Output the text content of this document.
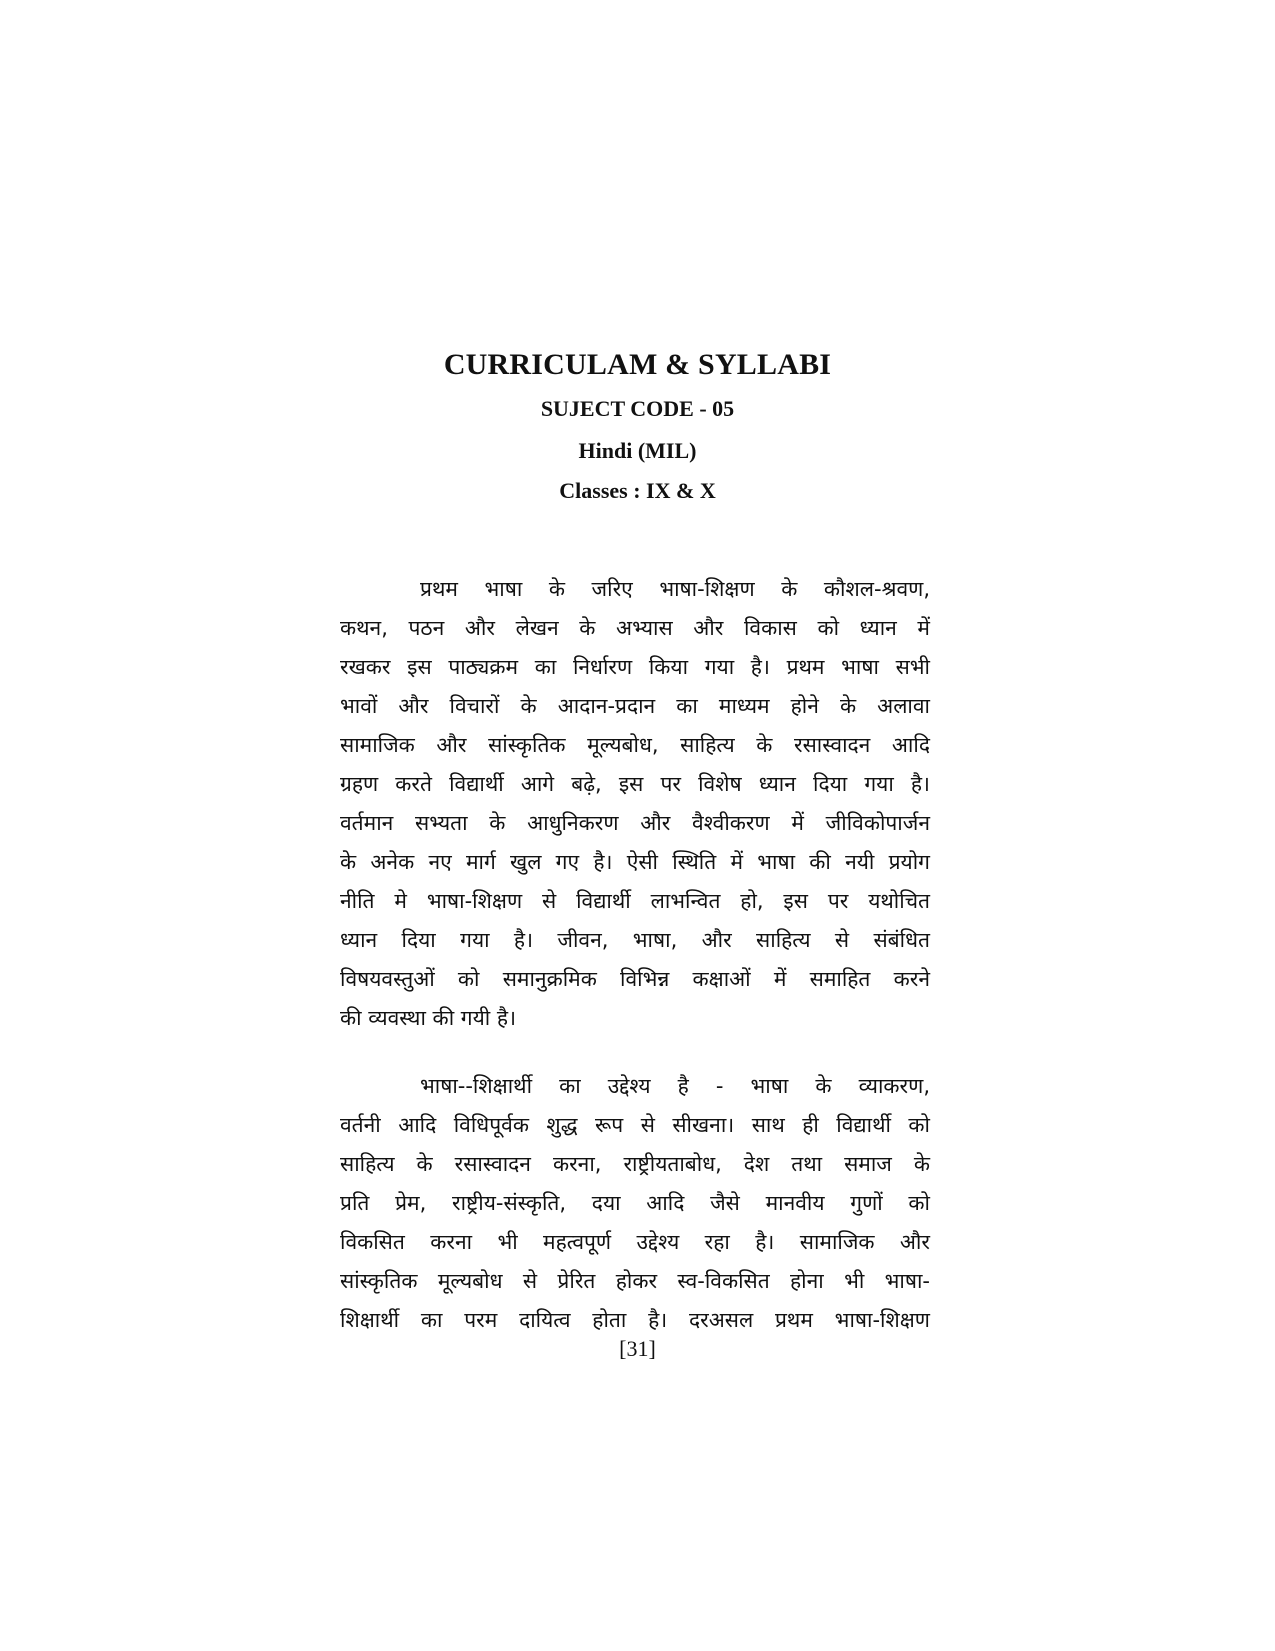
CURRICULAM & SYLLABI
SUJECT CODE - 05
Hindi (MIL)
Classes : IX & X
प्रथम भाषा के जरिए भाषा-शिक्षण के कौशल-श्रवण,
कथन, पठन और लेखन के अभ्यास और विकास को ध्यान में
रखकर इस पाठ्यक्रम का निर्धारण किया गया है। प्रथम भाषा सभी
भावों और विचारों के आदान-प्रदान का माध्यम होने के अलावा
सामाजिक और सांस्कृतिक मूल्यबोध, साहित्य के रसास्वादन आदि
ग्रहण करते विद्यार्थी आगे बढ़े, इस पर विशेष ध्यान दिया गया है।
वर्तमान सभ्यता के आधुनिकरण और वैश्वीकरण में जीविकोपार्जन
के अनेक नए मार्ग खुल गए है। ऐसी स्थिति में भाषा की नयी प्रयोग
नीति मे भाषा-शिक्षण से विद्यार्थी लाभन्वित हो, इस पर यथोचित
ध्यान दिया गया है। जीवन, भाषा, और साहित्य से संबंधित
विषयवस्तुओं को समानुक्रमिक विभिन्न कक्षाओं में समाहित करने
की व्यवस्था की गयी है।
भाषा--शिक्षार्थी का उद्देश्य है - भाषा के व्याकरण,
वर्तनी आदि विधिपूर्वक शुद्ध रूप से सीखना। साथ ही विद्यार्थी को
साहित्य के रसास्वादन करना, राष्ट्रीयताबोध, देश तथा समाज के
प्रति प्रेम, राष्ट्रीय-संस्कृति, दया आदि जैसे मानवीय गुणों को
विकसित करना भी महत्वपूर्ण उद्देश्य रहा है। सामाजिक और
सांस्कृतिक मूल्यबोध से प्रेरित होकर स्व-विकसित होना भी भाषा-
शिक्षार्थी का परम दायित्व होता है। दरअसल प्रथम भाषा-शिक्षण
[31]
